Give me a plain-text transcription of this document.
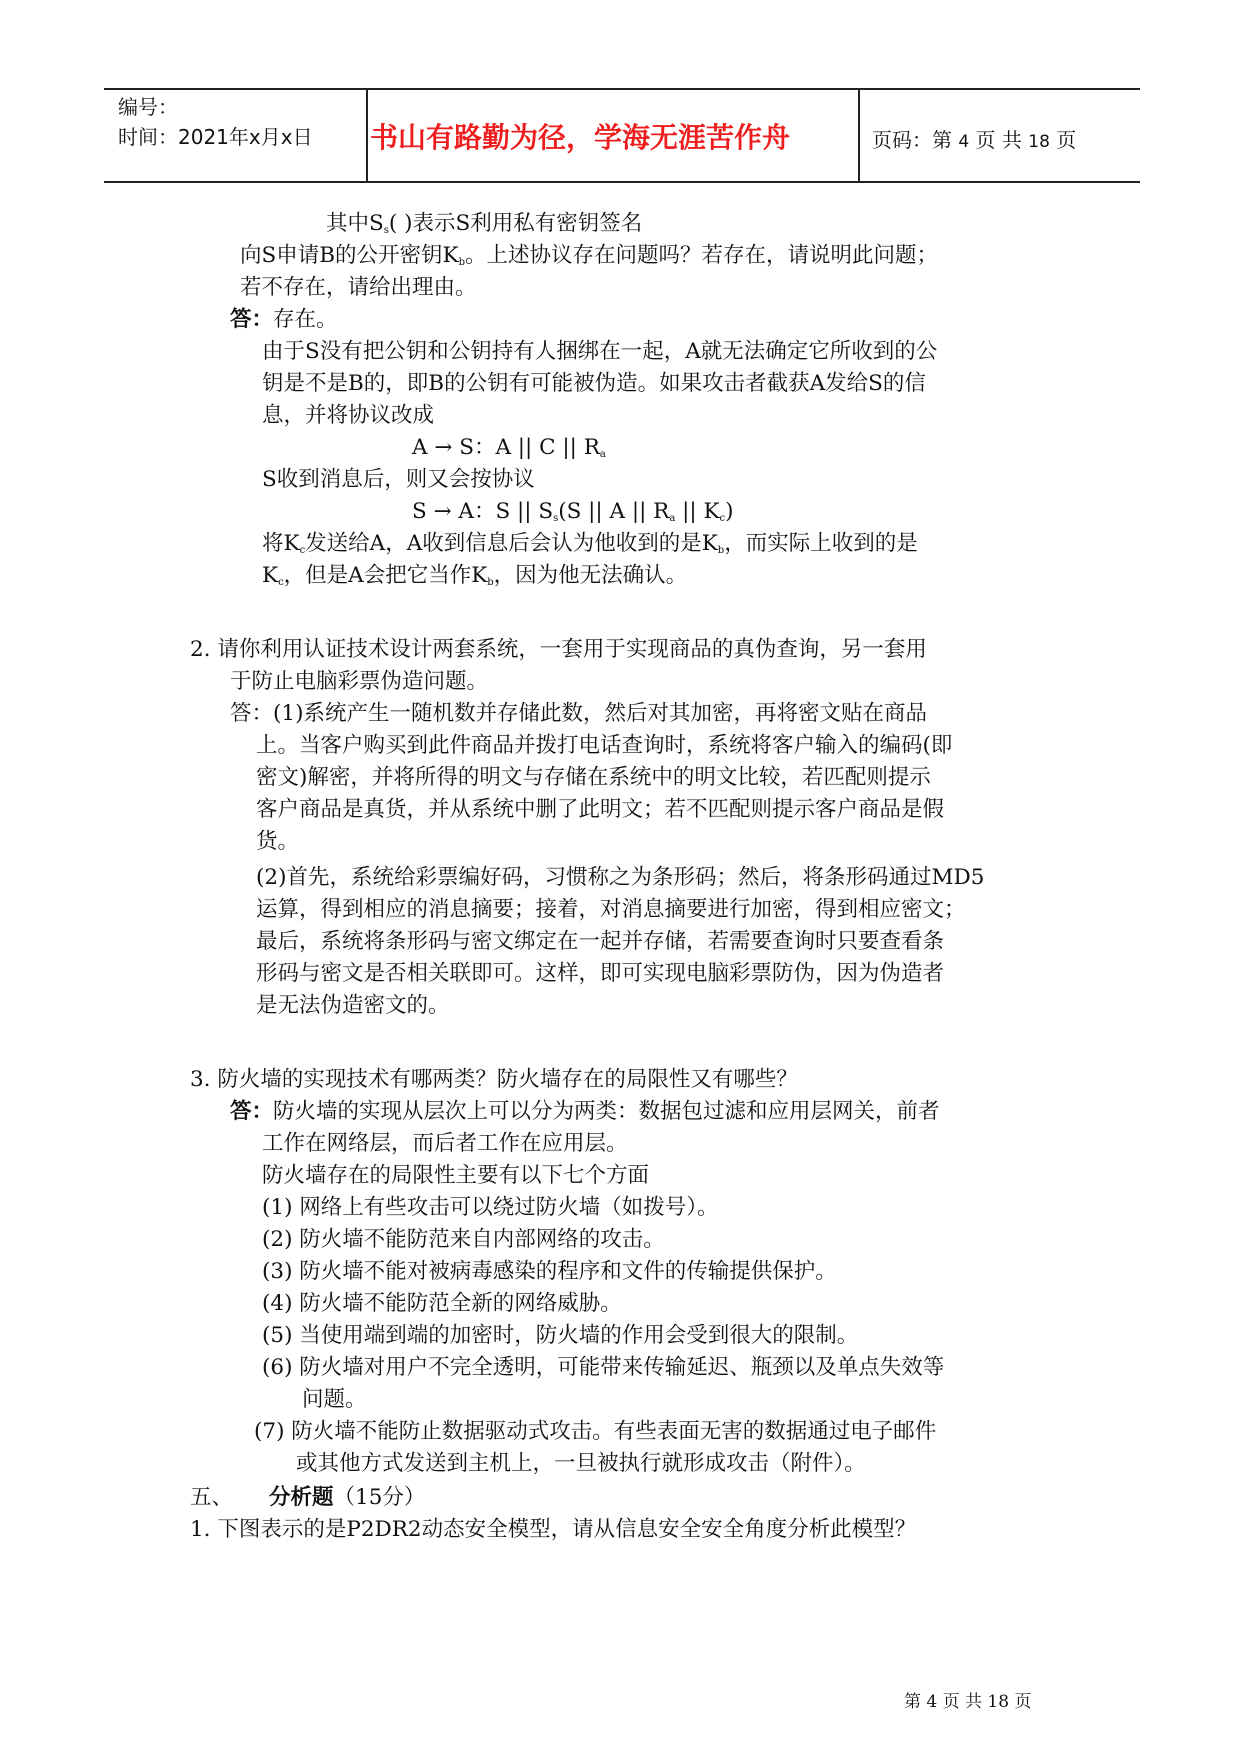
编号：
时间：2021年x月x日 书山有路勤为径，学海无涯苦作舟	页码：第 4 页 共 18 页
其中$S_s$( )表示S利用私有密钥签名
向S申请B的公开密钥$K_b$。上述协议存在问题吗？若存在，请说明此问题；
若不存在，请给出理由。
答：存在。
由于S没有把公钥和公钥持有人捆绑在一起，A就无法确定它所收到的公
钥是不是B的，即B的公钥有可能被伪造。如果攻击者截获A发给S的信
息，并将协议改成
A → S：A || C || $R_a$
S收到消息后，则又会按协议
S → A：S || $S_s(S$ || A || $R_a$ || $K_c$)
将$K_c$发送给A，A收到信息后会认为他收到的是$K_b$，而实际上收到的是
$K_c$，但是A会把它当作$K_b$，因为他无法确认。
2. 请你利用认证技术设计两套系统，一套用于实现商品的真伪查询，另一套用
于防止电脑彩票伪造问题。
答：(1)系统产生一随机数并存储此数，然后对其加密，再将密文贴在商品
上。当客户购买到此件商品并拨打电话查询时，系统将客户输入的编码(即
密文)解密，并将所得的明文与存储在系统中的明文比较，若匹配则提示
客户商品是真货，并从系统中删了此明文；若不匹配则提示客户商品是假
货。
(2)首先，系统给彩票编好码，习惯称之为条形码；然后，将条形码通过MD5
运算，得到相应的消息摘要；接着，对消息摘要进行加密，得到相应密文；
最后，系统将条形码与密文绑定在一起并存储，若需要查询时只要查看条
形码与密文是否相关联即可。这样，即可实现电脑彩票防伪，因为伪造者
是无法伪造密文的。
3. 防火墙的实现技术有哪两类？防火墙存在的局限性又有哪些？
答：防火墙的实现从层次上可以分为两类：数据包过滤和应用层网关，前者
工作在网络层，而后者工作在应用层。
防火墙存在的局限性主要有以下七个方面
(1) 网络上有些攻击可以绕过防火墙（如拨号）。
(2) 防火墙不能防范来自内部网络的攻击。
(3) 防火墙不能对被病毒感染的程序和文件的传输提供保护。
(4) 防火墙不能防范全新的网络威胁。
(5) 当使用端到端的加密时，防火墙的作用会受到很大的限制。
(6) 防火墙对用户不完全透明，可能带来传输延迟、瓶颈以及单点失效等
问题。
(7) 防火墙不能防止数据驱动式攻击。有些表面无害的数据通过电子邮件
或其他方式发送到主机上，一旦被执行就形成攻击（附件）。
五、 分析题（15分）
1. 下图表示的是P2DR2动态安全模型，请从信息安全安全角度分析此模型？
第 4 页 共 18 页
